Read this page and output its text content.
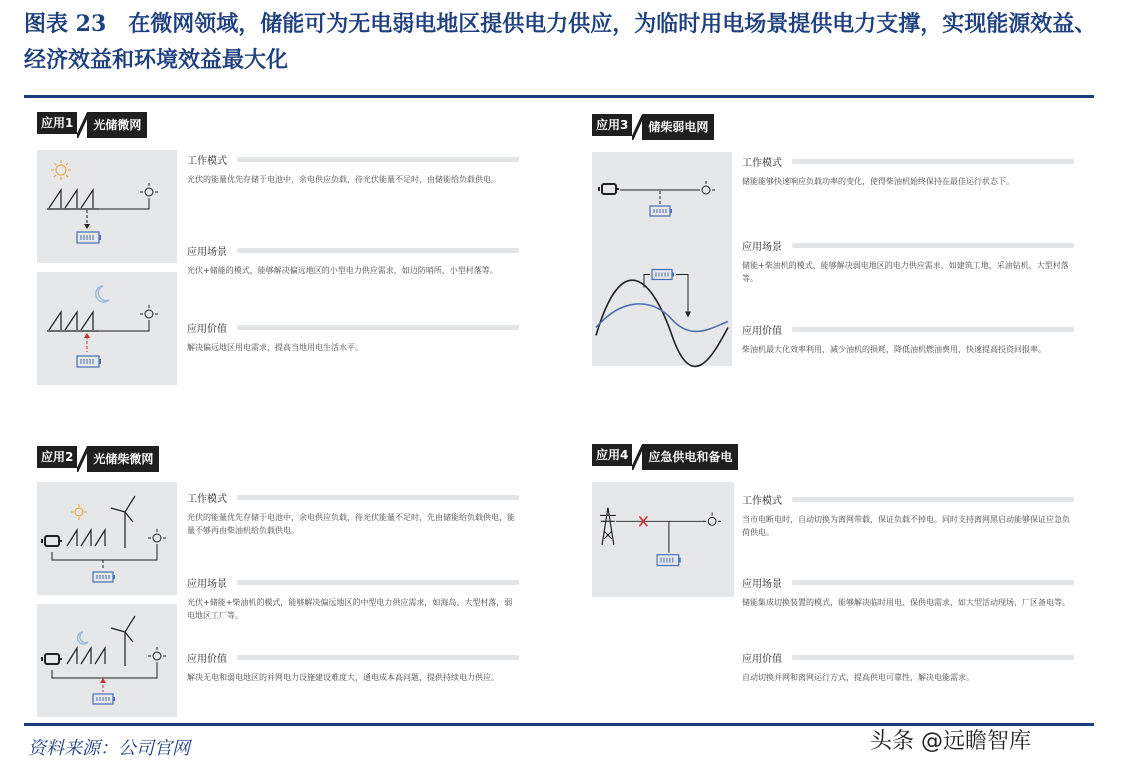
图表 23　在微网领域，储能可为无电弱电地区提供电力供应，为临时用电场景提供电力支撑，实现能源效益、经济效益和环境效益最大化
应用1	光储微网
工作模式
光伏的能量优先存储于电池中，余电供应负载，待光伏能量不足时，由储能给负载供电。
应用场景
光伏+储能的模式，能够解决偏远地区的小型电力供应需求，如边防哨所、小型村落等。
应用价值
解决偏远地区用电需求，提高当地用电生活水平。
应用2	光储柴微网
工作模式
光伏的能量优先存储于电池中，余电供应负载，待光伏能量不足时，先由储能给负载供电，能量不够再由柴油机给负载供电。
应用场景
光伏+储能+柴油机的模式，能够解决偏远地区的中型电力供应需求，如海岛、大型村落，弱电地区工厂等。
应用价值
解决无电和弱电地区的并网电力设施建设难度大，通电成本高问题，提供持续电力供应。
应用3	储柴弱电网
工作模式
储能能够快速响应负载功率的变化，使得柴油机始终保持在最佳运行状态下。
应用场景
储能+柴油机的模式，能够解决弱电地区的电力供应需求，如建筑工地，采油钻机，大型村落等。
应用价值
柴油机最大化效率利用，减少油机的损耗，降低油机燃油费用，快速提高投资回报率。
应用4	应急供电和备电
工作模式
当市电断电时，自动切换为离网带载，保证负载不掉电。同时支持离网黑启动能够保证应急负荷供电。
应用场景
储能集成切换装置的模式，能够解决临时用电、保供电需求，如大型活动现场，厂区备电等。
应用价值
自动切换并网和离网运行方式，提高供电可靠性，解决电能需求。
资料来源：公司官网	头条 @远瞻智库
